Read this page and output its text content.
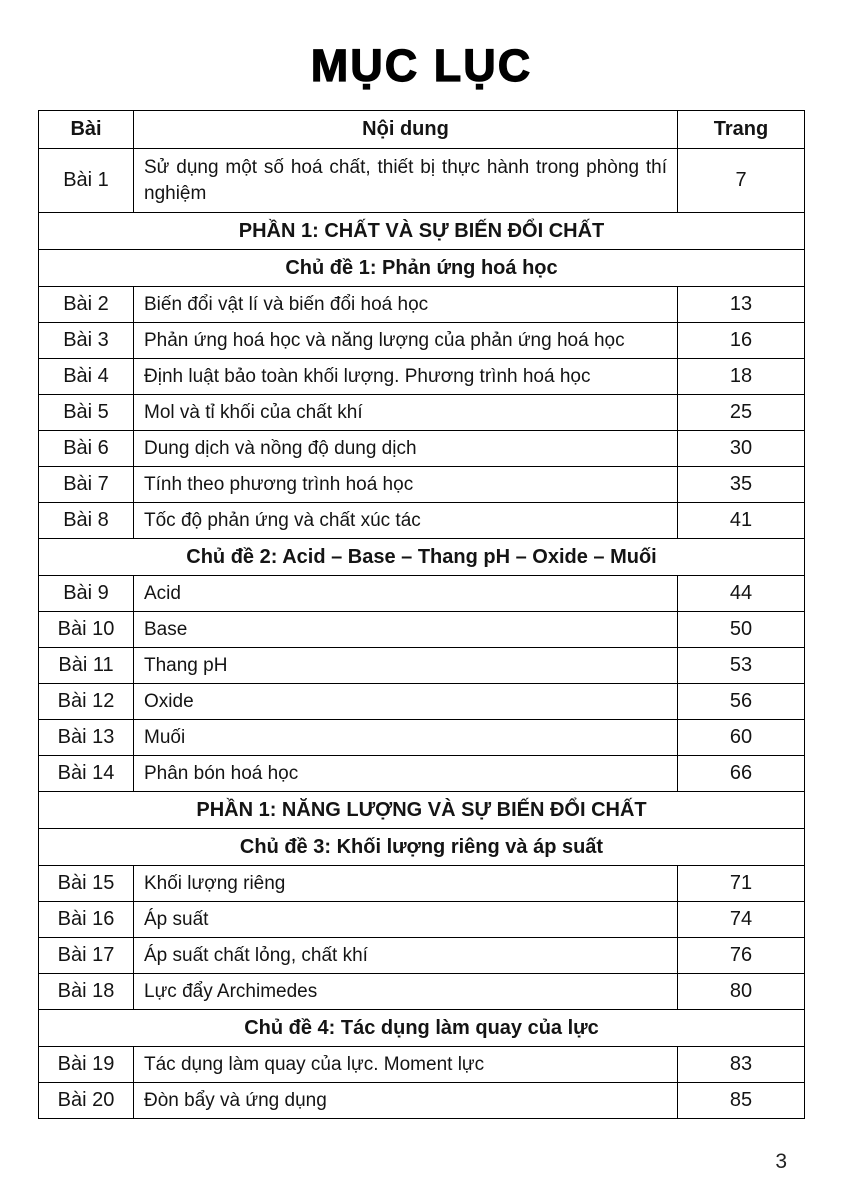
MỤC LỤC
Bài	Nội dung	Trang
Bài 1	Sử dụng một số hoá chất, thiết bị thực hành trong phòng thí nghiệm	7
PHẦN 1: CHẤT VÀ SỰ BIẾN ĐỔI CHẤT		
Chủ đề 1: Phản ứng hoá học		
Bài 2	Biến đổi vật lí và biến đổi hoá học	13
Bài 3	Phản ứng hoá học và năng lượng của phản ứng hoá học	16
Bài 4	Định luật bảo toàn khối lượng. Phương trình hoá học	18
Bài 5	Mol và tỉ khối của chất khí	25
Bài 6	Dung dịch và nồng độ dung dịch	30
Bài 7	Tính theo phương trình hoá học	35
Bài 8	Tốc độ phản ứng và chất xúc tác	41
Chủ đề 2: Acid – Base – Thang pH – Oxide – Muối		
Bài 9	Acid	44
Bài 10	Base	50
Bài 11	Thang pH	53
Bài 12	Oxide	56
Bài 13	Muối	60
Bài 14	Phân bón hoá học	66
PHẦN 1: NĂNG LƯỢNG VÀ SỰ BIẾN ĐỔI CHẤT		
Chủ đề 3: Khối lượng riêng và áp suất		
Bài 15	Khối lượng riêng	71
Bài 16	Áp suất	74
Bài 17	Áp suất chất lỏng, chất khí	76
Bài 18	Lực đẩy Archimedes	80
Chủ đề 4: Tác dụng làm quay của lực		
Bài 19	Tác dụng làm quay của lực. Moment lực	83
Bài 20	Đòn bẩy và ứng dụng	85
3
